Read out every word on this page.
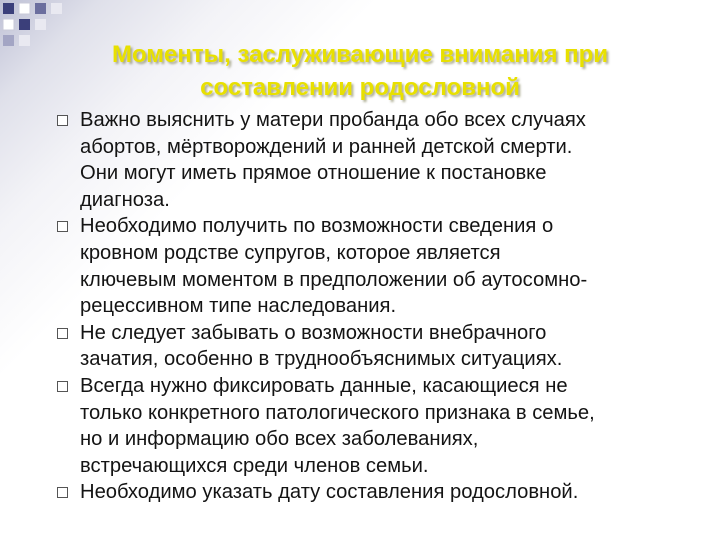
Моменты, заслуживающие внимания при
составлении родословной
Важно выяснить у матери пробанда обо всех случаях
абортов, мёртворождений и ранней детской смерти.
Они могут иметь прямое отношение к постановке
диагноза.
Необходимо получить по возможности сведения о
кровном родстве супругов, которое является
ключевым моментом в предположении об аутосомно-
рецессивном типе наследования.
Не следует забывать о возможности внебрачного
зачатия, особенно в труднообъяснимых ситуациях.
Всегда нужно фиксировать данные, касающиеся не
только конкретного патологического признака в семье,
но и информацию обо всех заболеваниях,
встречающихся среди членов семьи.
Необходимо указать дату составления родословной.
